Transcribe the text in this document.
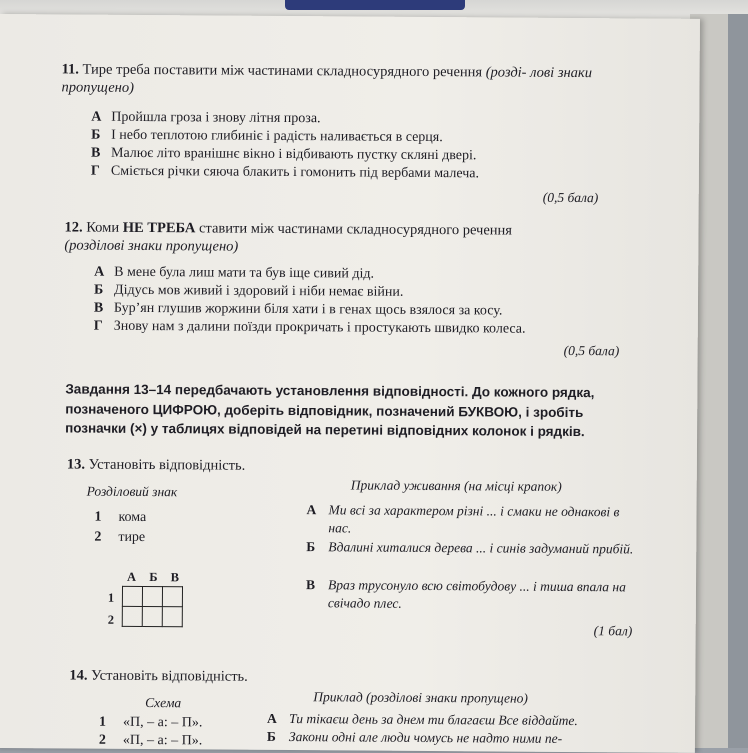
11. Тире треба поставити між частинами складносурядного речення (розді- лові знаки пропущено)
А Пройшла гроза і знову літня проза.
Б І небо теплотою глибиніє і радість наливається в серця.
В Малює літо вранішнє вікно і відбивають пустку скляні двері.
Г Сміється річки сяюча блакить і гомонить під вербами малеча.
(0,5 бала)
12. Коми НЕ ТРЕБА ставити між частинами складносурядного речення
(розділові знаки пропущено)
А В мене була лиш мати та був іще сивий дід.
Б Дідусь мов живий і здоровий і ніби немає війни.
В Бур’ян глушив жоржини біля хати і в генах щось взялося за косу.
Г Знову нам з далини поїзди прокричать і простукають швидко колеса.
(0,5 бала)
Завдання 13–14 передбачають установлення відповідності. До кожного рядка, позначеного ЦИФРОЮ, доберіть відповідник, позначений БУКВОЮ, і зробіть позначки (×) у таблицях відповідей на перетині відповідних колонок і рядків.
13. Установіть відповідність.
Розділовий знак	Приклад уживання (на місці крапок)
1 кома
2 тире
А Ми всі за характером різні ... і смаки не однакові в нас.
Б Вдалині хиталися дерева ... і синів задуманий прибій.
В Враз трусонуло всю світобудову ... і тиша впала на свічадо плес.
(1 бал)
А Б В
1
2

14. Установіть відповідність.
Схема	Приклад (розділові знаки пропущено)
1 «П, – а: – П».
2 «П, – а: – П».
А Ти тікаєш день за днем ти благаєш Все віддайте.
Б Закони одні але люди чомусь не надто ними пе-
